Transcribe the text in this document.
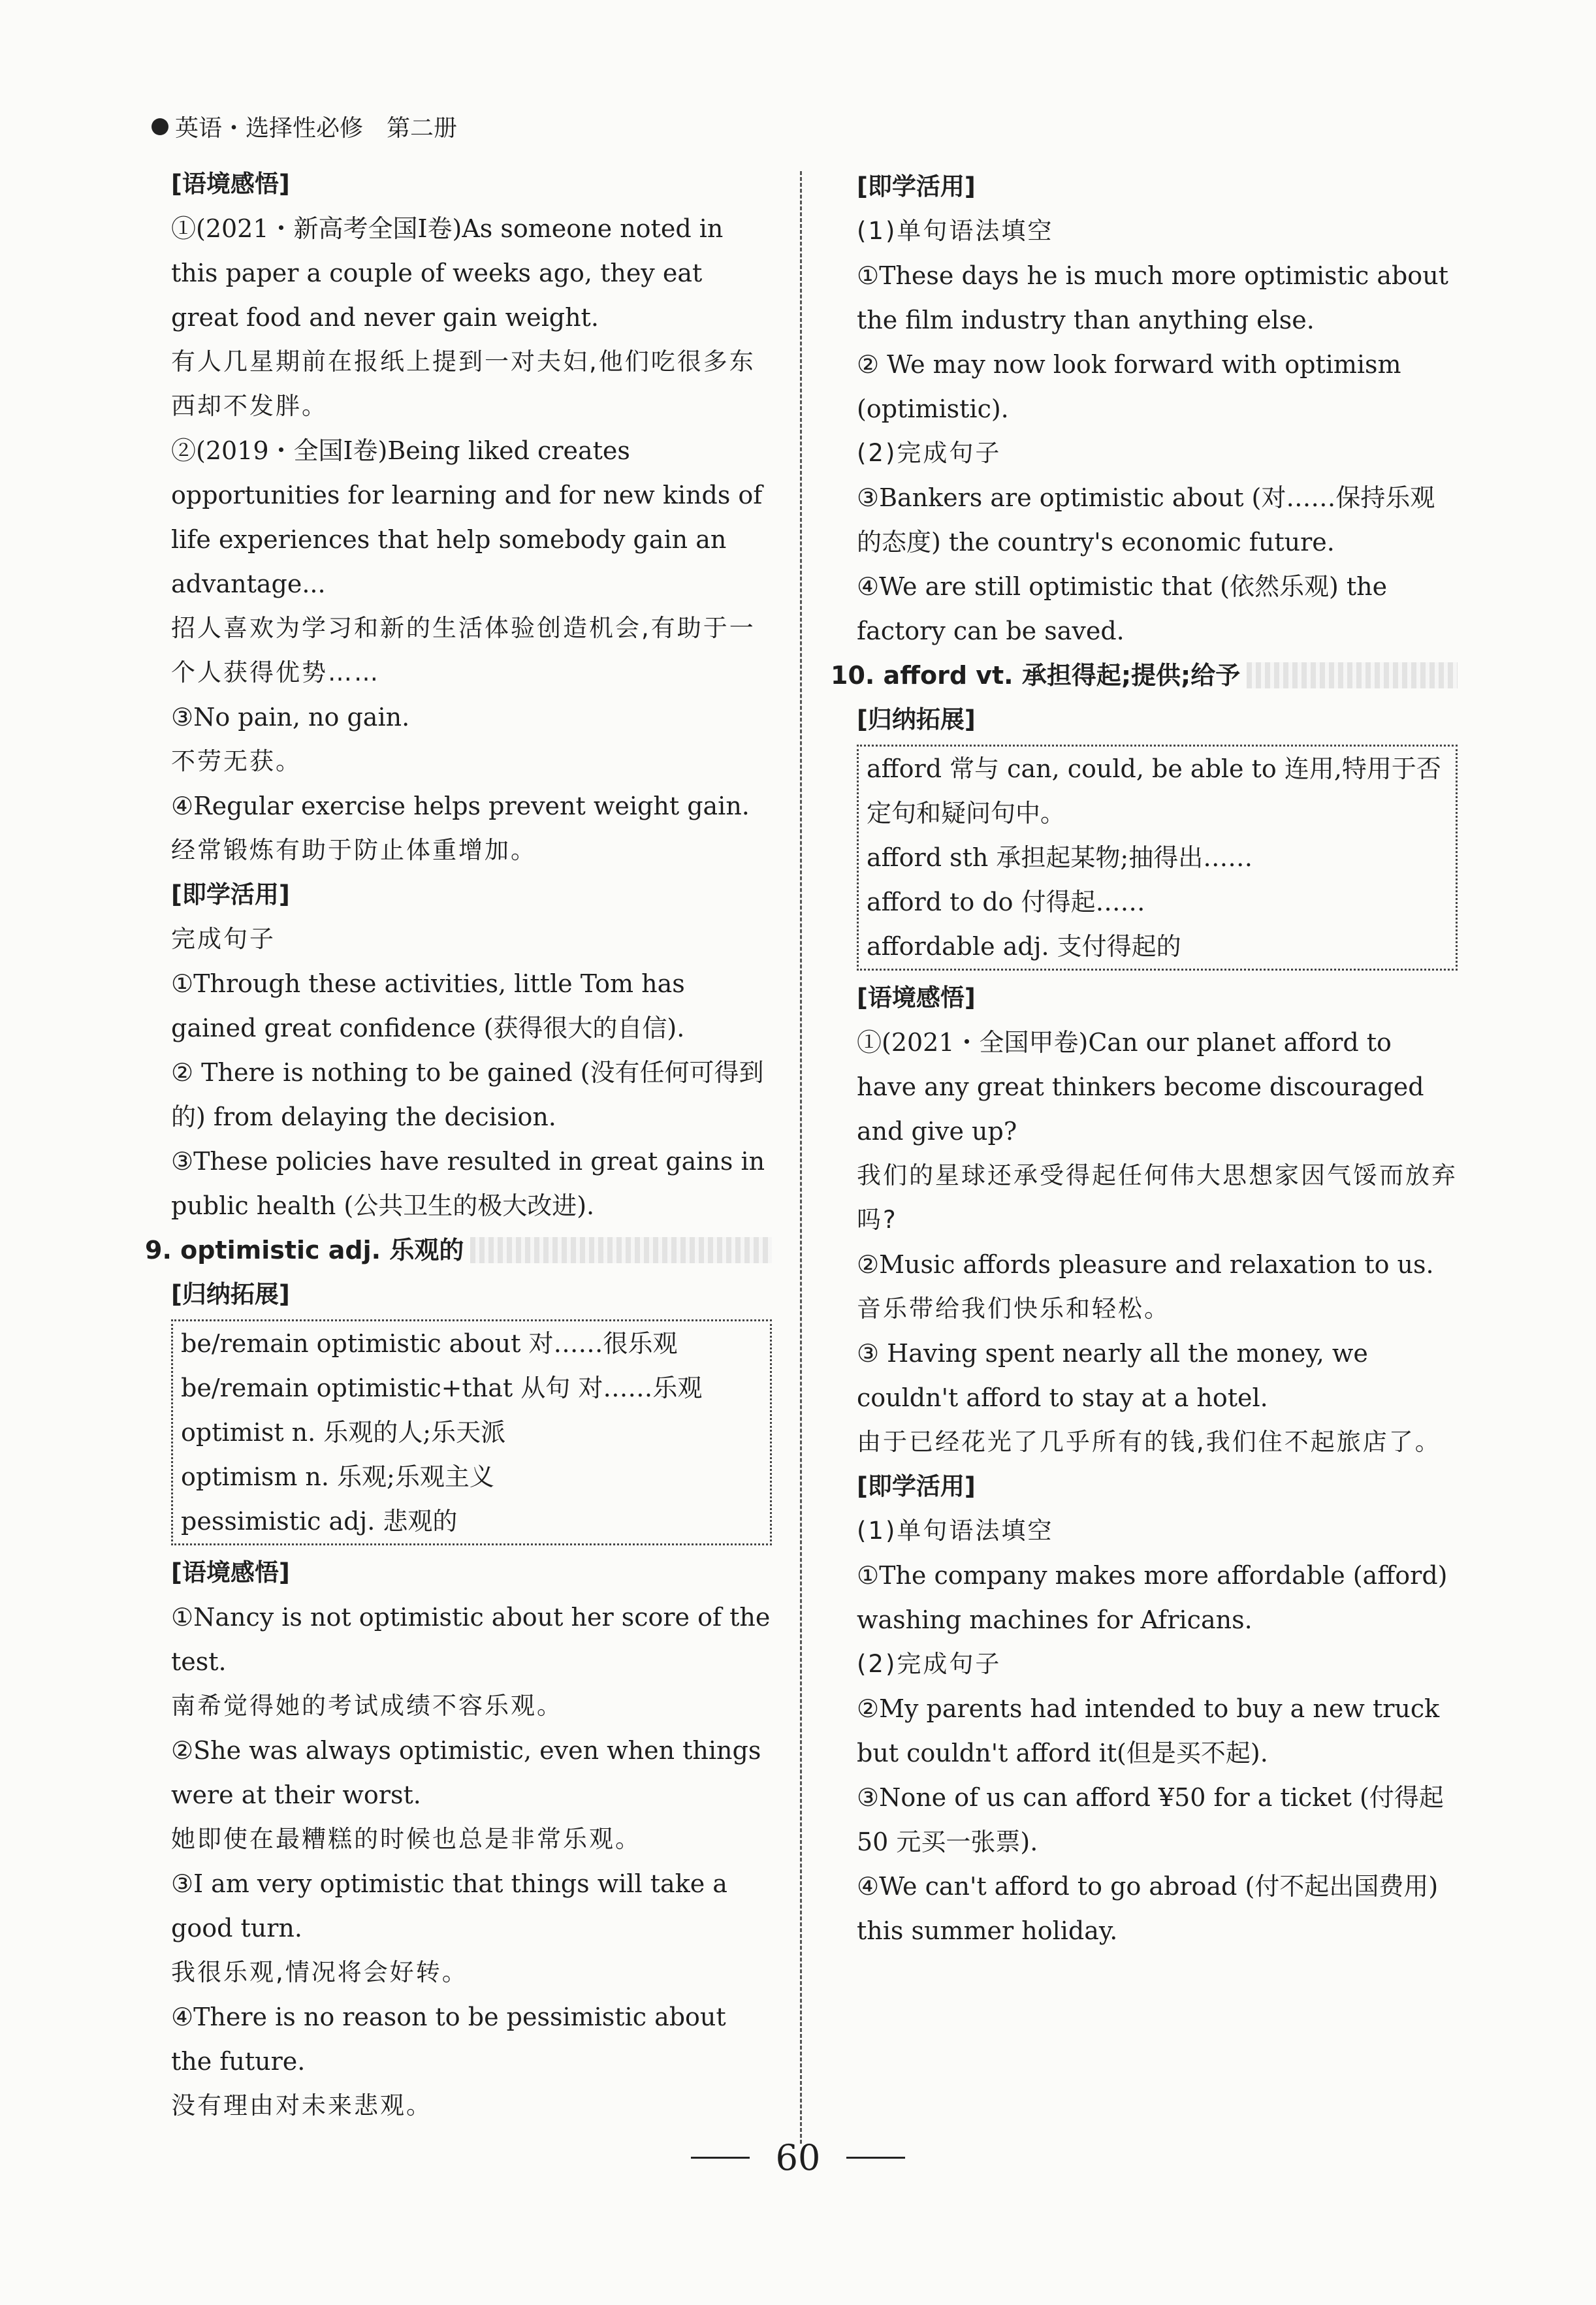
英语・选择性必修　第二册

[语境感悟]

①(2021・新高考全国Ⅰ卷)As someone noted in this paper a couple of weeks ago, they eat great food and never gain weight.

有人几星期前在报纸上提到一对夫妇,他们吃很多东西却不发胖。

②(2019・全国Ⅰ卷)Being liked creates opportunities for learning and for new kinds of life experiences that help somebody gain an advantage...

招人喜欢为学习和新的生活体验创造机会,有助于一个人获得优势……

③No pain, no gain.

不劳无获。

④Regular exercise helps prevent weight gain.

经常锻炼有助于防止体重增加。

[即学活用]

完成句子

①Through these activities, little Tom has gained great confidence (获得很大的自信).

② There is nothing to be gained (没有任何可得到的) from delaying the decision.

③These policies have resulted in great gains in public health (公共卫生的极大改进).

9. optimistic adj. 乐观的

[归纳拓展]

be/remain optimistic about 对……很乐观

be/remain optimistic+that 从句 对……乐观

optimist n. 乐观的人;乐天派

optimism n. 乐观;乐观主义

pessimistic adj. 悲观的

[语境感悟]

①Nancy is not optimistic about her score of the test.

南希觉得她的考试成绩不容乐观。

②She was always optimistic, even when things were at their worst.

她即使在最糟糕的时候也总是非常乐观。

③I am very optimistic that things will take a good turn.

我很乐观,情况将会好转。

④There is no reason to be pessimistic about the future.

没有理由对未来悲观。

[即学活用]

(1)单句语法填空

①These days he is much more optimistic about the film industry than anything else.

② We may now look forward with optimism (optimistic).

(2)完成句子

③Bankers are optimistic about (对……保持乐观的态度) the country's economic future.

④We are still optimistic that (依然乐观) the factory can be saved.

10. afford vt. 承担得起;提供;给予

[归纳拓展]

afford 常与 can, could, be able to 连用,特用于否定句和疑问句中。

afford sth 承担起某物;抽得出……

afford to do 付得起……

affordable adj. 支付得起的

[语境感悟]

①(2021・全国甲卷)Can our planet afford to have any great thinkers become discouraged and give up?

我们的星球还承受得起任何伟大思想家因气馁而放弃吗?

②Music affords pleasure and relaxation to us.

音乐带给我们快乐和轻松。

③ Having spent nearly all the money, we couldn't afford to stay at a hotel.

由于已经花光了几乎所有的钱,我们住不起旅店了。

[即学活用]

(1)单句语法填空

①The company makes more affordable (afford) washing machines for Africans.

(2)完成句子

②My parents had intended to buy a new truck but couldn't afford it(但是买不起).

③None of us can afford ¥50 for a ticket (付得起 50 元买一张票).

④We can't afford to go abroad (付不起出国费用) this summer holiday.

60
